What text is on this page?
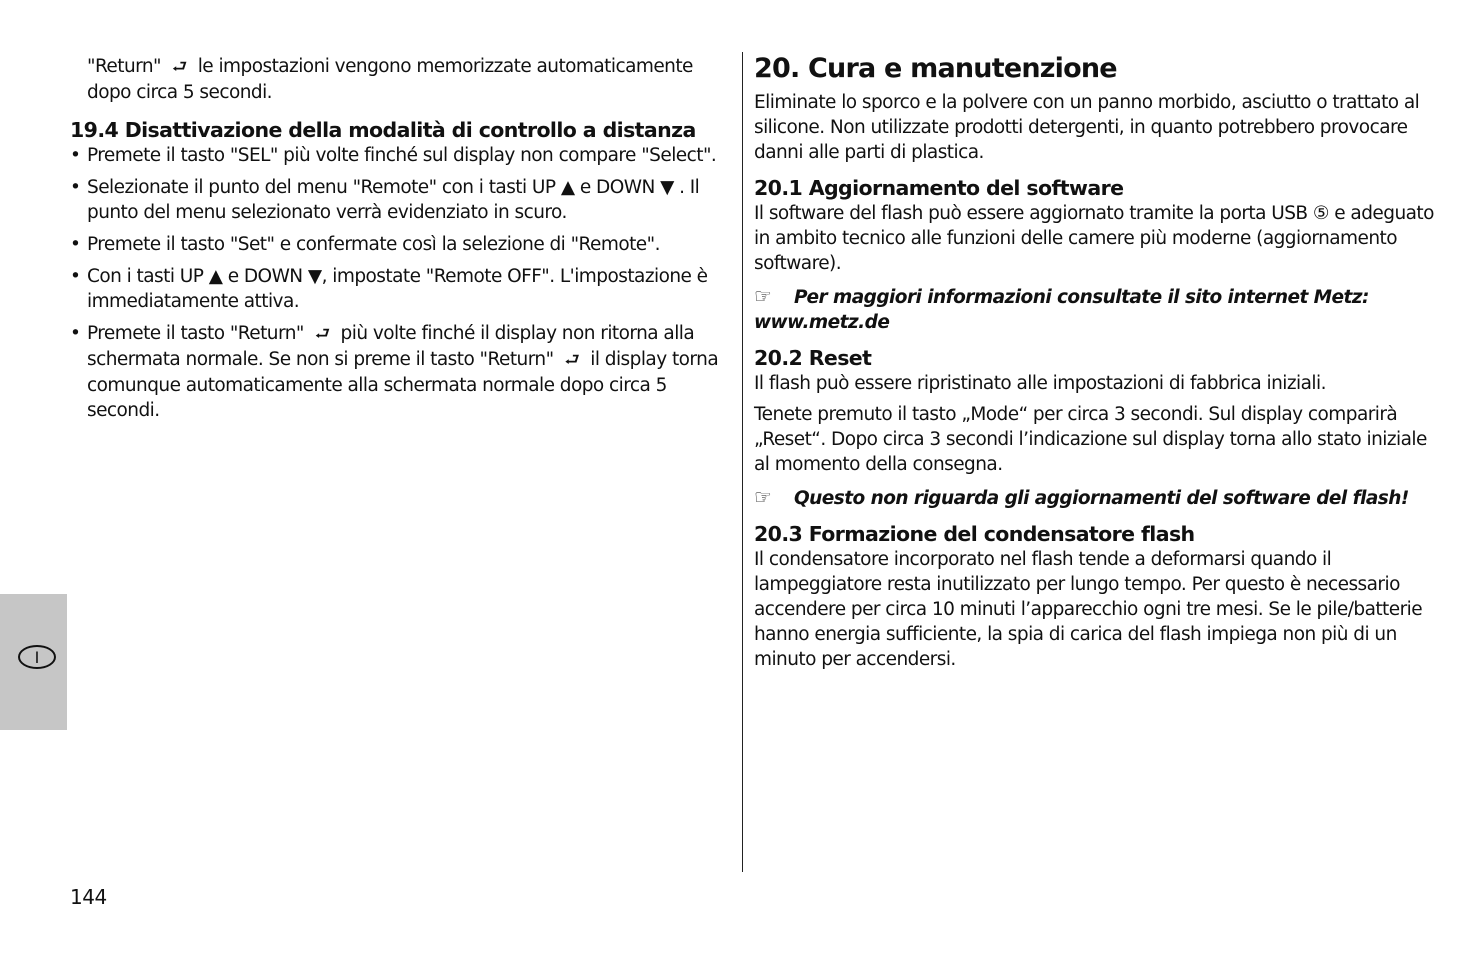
"Return" ⮐ le impostazioni vengono memorizzate automaticamente dopo circa 5 secondi.

19.4 Disattivazione della modalità di controllo a distanza
• Premete il tasto "SEL" più volte finché sul display non compare "Select".
• Selezionate il punto del menu "Remote" con i tasti UP ▲ e DOWN ▼ . Il punto del menu selezionato verrà evidenziato in scuro.
• Premete il tasto "Set" e confermate così la selezione di "Remote".
• Con i tasti UP ▲ e DOWN ▼, impostate "Remote OFF". L'impostazione è immediatamente attiva.
• Premete il tasto "Return" ⮐ più volte finché il display non ritorna alla schermata normale. Se non si preme il tasto "Return" ⮐ il display torna comunque automaticamente alla schermata normale dopo circa 5 secondi.
20. Cura e manutenzione

Eliminate lo sporco e la polvere con un panno morbido, asciutto o trattato al silicone. Non utilizzate prodotti detergenti, in quanto potrebbero provocare danni alle parti di plastica.

20.1 Aggiornamento del software

Il software del flash può essere aggiornato tramite la porta USB ⑤ e adeguato in ambito tecnico alle funzioni delle camere più moderne (aggiornamento software).

☞ Per maggiori informazioni consultate il sito internet Metz: www.metz.de

20.2 Reset

Il flash può essere ripristinato alle impostazioni di fabbrica iniziali.

Tenete premuto il tasto „Mode“ per circa 3 secondi. Sul display comparirà „Reset“. Dopo circa 3 secondi l’indicazione sul display torna allo stato iniziale al momento della consegna.

☞ Questo non riguarda gli aggiornamenti del software del flash!

20.3 Formazione del condensatore flash

Il condensatore incorporato nel flash tende a deformarsi quando il lampeggiatore resta inutilizzato per lungo tempo. Per questo è necessario accendere per circa 10 minuti l’apparecchio ogni tre mesi. Se le pile/batterie hanno energia sufficiente, la spia di carica del flash impiega non più di un minuto per accendersi.

I
144
